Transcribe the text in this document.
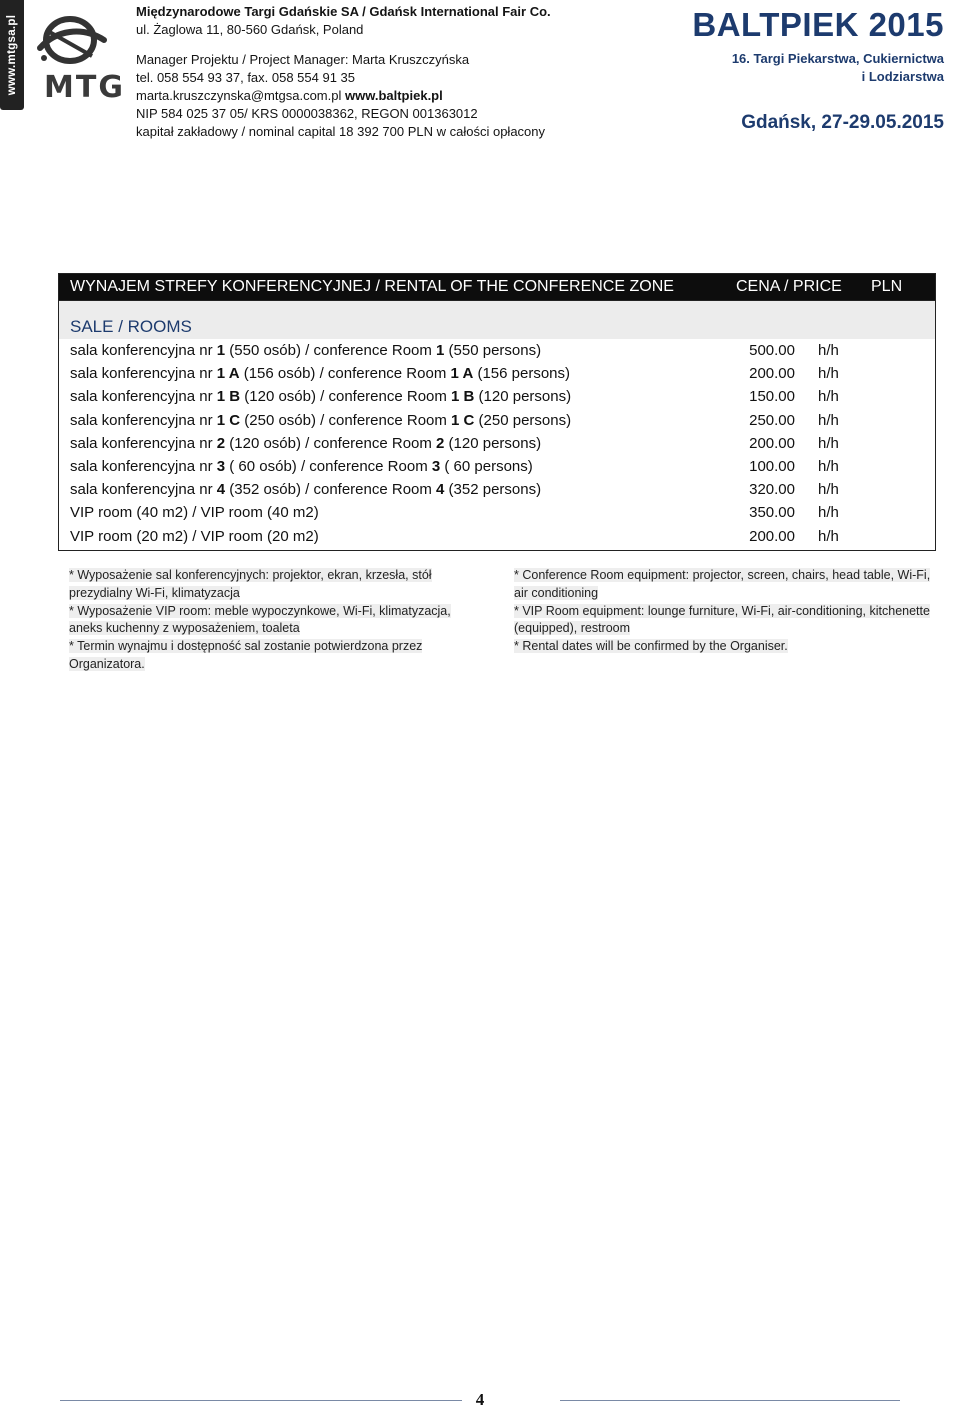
www.mtgsa.pl MTG
Międzynarodowe Targi Gdańskie SA / Gdańsk International Fair Co.
ul. Żaglowa 11, 80-560 Gdańsk, Poland
Manager Projektu / Project Manager: Marta Kruszczyńska
tel. 058 554 93 37, fax. 058 554 91 35
marta.kruszczynska@mtgsa.com.pl www.baltpiek.pl
NIP 584 025 37 05/ KRS 0000038362, REGON 001363012
kapitał zakładowy / nominal capital 18 392 700 PLN w całości opłacony
BALTPIEK 2015
16. Targi Piekarstwa, Cukiernictwa
i Lodziarstwa
Gdańsk, 27-29.05.2015
WYNAJEM STREFY KONFERENCYJNEJ / RENTAL OF THE CONFERENCE ZONE	CENA / PRICE PLN
SALE / ROOMS
sala konferencyjna nr 1 (550 osób) / conference Room 1 (550 persons)	500.00 h/h
sala konferencyjna nr 1 A (156 osób) / conference Room 1 A (156 persons)	200.00 h/h
sala konferencyjna nr 1 B (120 osób) / conference Room 1 B (120 persons)	150.00 h/h
sala konferencyjna nr 1 C (250 osób) / conference Room 1 C (250 persons)	250.00 h/h
sala konferencyjna nr 2 (120 osób) / conference Room 2 (120 persons)	200.00 h/h
sala konferencyjna nr 3 ( 60 osób) / conference Room 3 ( 60 persons)	100.00 h/h
sala konferencyjna nr 4 (352 osób) / conference Room 4 (352 persons)	320.00 h/h
VIP room (40 m2) / VIP room (40 m2)	350.00 h/h
VIP room (20 m2) / VIP room (20 m2)	200.00 h/h

* Wyposażenie sal konferencyjnych: projektor, ekran, krzesła, stół prezydialny Wi-Fi, klimatyzacja

* Wyposażenie VIP room: meble wypoczynkowe, Wi-Fi, klimatyzacja, aneks kuchenny z wyposażeniem, toaleta

* Termin wynajmu i dostępność sal zostanie potwierdzona przez Organizatora.

* Conference Room equipment: projector, screen, chairs, head table, Wi-Fi, air conditioning

* VIP Room equipment: lounge furniture, Wi-Fi, air-conditioning, kitchenette (equipped), restroom

* Rental dates will be confirmed by the Organiser.

4
